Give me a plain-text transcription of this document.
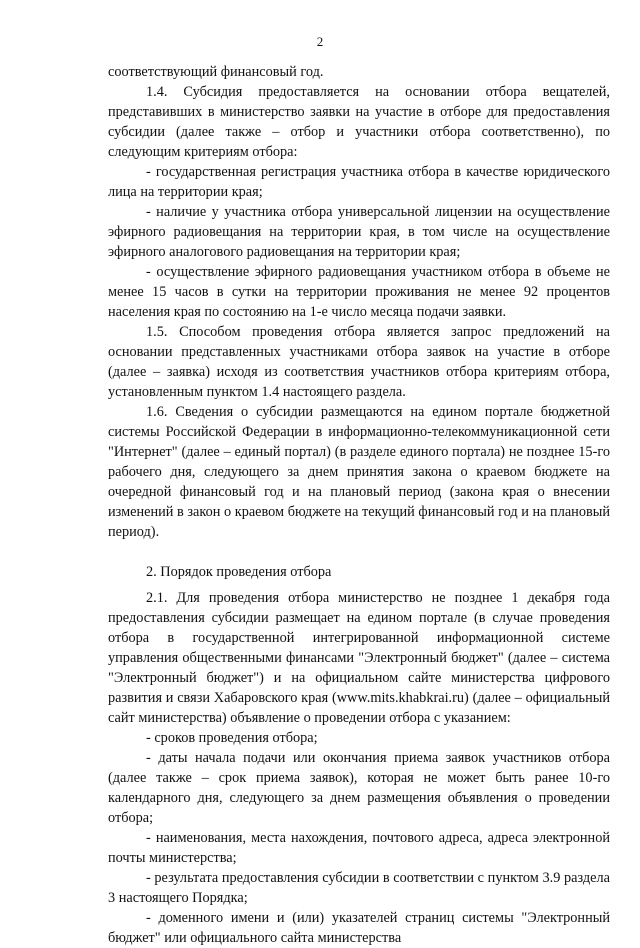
2

соответствующий финансовый год.

1.4. Субсидия предоставляется на основании отбора вещателей, представивших в министерство заявки на участие в отборе для предоставления субсидии (далее также – отбор и участники отбора соответственно), по следующим критериям отбора:

- государственная регистрация участника отбора в качестве юридического лица на территории края;

- наличие у участника отбора универсальной лицензии на осуществление эфирного радиовещания на территории края, в том числе на осуществление эфирного аналогового радиовещания на территории края;

- осуществление эфирного радиовещания участником отбора в объеме не менее 15 часов в сутки на территории проживания не менее 92 процентов населения края по состоянию на 1-е число месяца подачи заявки.

1.5. Способом проведения отбора является запрос предложений на основании представленных участниками отбора заявок на участие в отборе (далее – заявка) исходя из соответствия участников отбора критериям отбора, установленным пунктом 1.4 настоящего раздела.

1.6. Сведения о субсидии размещаются на едином портале бюджетной системы Российской Федерации в информационно-телекоммуникационной сети "Интернет" (далее – единый портал) (в разделе единого портала) не позднее 15-го рабочего дня, следующего за днем принятия закона о краевом бюджете на очередной финансовый год и на плановый период (закона края о внесении изменений в закон о краевом бюджете на текущий финансовый год и на плановый период).

2. Порядок проведения отбора

2.1. Для проведения отбора министерство не позднее 1 декабря года предоставления субсидии размещает на едином портале (в случае проведения отбора в государственной интегрированной информационной системе управления общественными финансами "Электронный бюджет" (далее – система "Электронный бюджет") и на официальном сайте министерства цифрового развития и связи Хабаровского края (www.mits.khabkrai.ru) (далее – официальный сайт министерства) объявление о проведении отбора с указанием:

- сроков проведения отбора;

- даты начала подачи или окончания приема заявок участников отбора (далее также – срок приема заявок), которая не может быть ранее 10-го календарного дня, следующего за днем размещения объявления о проведении отбора;

- наименования, места нахождения, почтового адреса, адреса электронной почты министерства;

- результата предоставления субсидии в соответствии с пунктом 3.9 раздела 3 настоящего Порядка;

- доменного имени и (или) указателей страниц системы "Электронный бюджет" или официального сайта министерства
